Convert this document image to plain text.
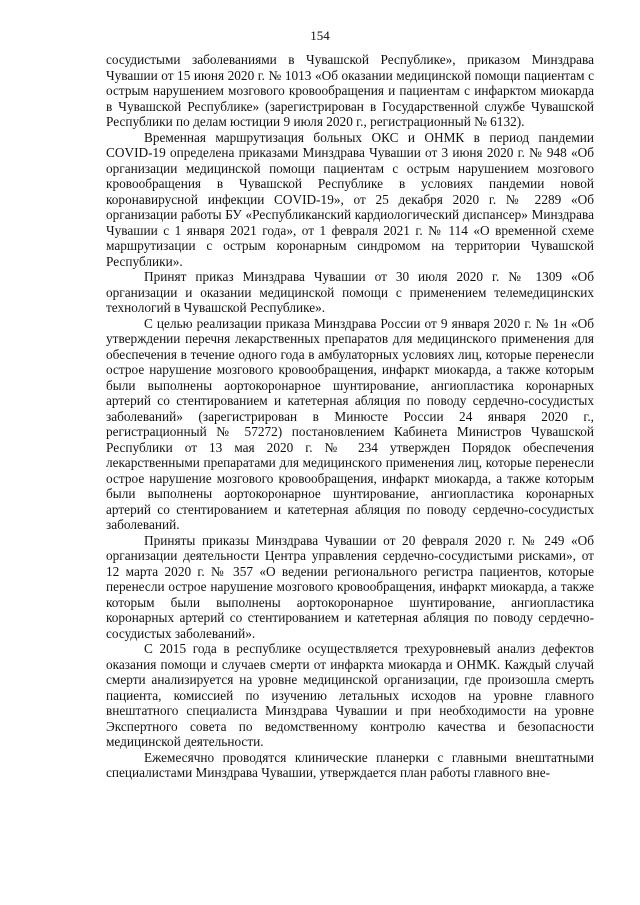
154

сосудистыми заболеваниями в Чувашской Республике», приказом Минздрава Чувашии от 15 июня 2020 г. № 1013 «Об оказании медицинской помощи пациентам с острым нарушением мозгового кровообращения и пациентам с инфарктом миокарда в Чувашской Республике» (зарегистрирован в Государственной службе Чувашской Республики по делам юстиции 9 июля 2020 г., регистрационный № 6132).

Временная маршрутизация больных ОКС и ОНМК в период пандемии COVID-19 определена приказами Минздрава Чувашии от 3 июня 2020 г. № 948 «Об организации медицинской помощи пациентам с острым нарушением мозгового кровообращения в Чувашской Республике в условиях пандемии новой коронавирусной инфекции COVID-19», от 25 декабря 2020 г. № 2289 «Об организации работы БУ «Республиканский кардиологический диспансер» Минздрава Чувашии с 1 января 2021 года», от 1 февраля 2021 г. № 114 «О временной схеме маршрутизации с острым коронарным синдромом на территории Чувашской Республики».

Принят приказ Минздрава Чувашии от 30 июля 2020 г. № 1309 «Об организации и оказании медицинской помощи с применением телемедицинских технологий в Чувашской Республике».

С целью реализации приказа Минздрава России от 9 января 2020 г. № 1н «Об утверждении перечня лекарственных препаратов для медицинского применения для обеспечения в течение одного года в амбулаторных условиях лиц, которые перенесли острое нарушение мозгового кровообращения, инфаркт миокарда, а также которым были выполнены аортокоронарное шунтирование, ангиопластика коронарных артерий со стентированием и катетерная абляция по поводу сердечно-сосудистых заболеваний» (зарегистрирован в Минюсте России 24 января 2020 г., регистрационный № 57272) постановлением Кабинета Министров Чувашской Республики от 13 мая 2020 г. № 234 утвержден Порядок обеспечения лекарственными препаратами для медицинского применения лиц, которые перенесли острое нарушение мозгового кровообращения, инфаркт миокарда, а также которым были выполнены аортокоронарное шунтирование, ангиопластика коронарных артерий со стентированием и катетерная абляция по поводу сердечно-сосудистых заболеваний.

Приняты приказы Минздрава Чувашии от 20 февраля 2020 г. № 249 «Об организации деятельности Центра управления сердечно-сосудистыми рисками», от 12 марта 2020 г. № 357 «О ведении регионального регистра пациентов, которые перенесли острое нарушение мозгового кровообращения, инфаркт миокарда, а также которым были выполнены аортокоронарное шунтирование, ангиопластика коронарных артерий со стентированием и катетерная абляция по поводу сердечно-сосудистых заболеваний».

С 2015 года в республике осуществляется трехуровневый анализ дефектов оказания помощи и случаев смерти от инфаркта миокарда и ОНМК. Каждый случай смерти анализируется на уровне медицинской организации, где произошла смерть пациента, комиссией по изучению летальных исходов на уровне главного внештатного специалиста Минздрава Чувашии и при необходимости на уровне Экспертного совета по ведомственному контролю качества и безопасности медицинской деятельности.

Ежемесячно проводятся клинические планерки с главными внештатными специалистами Минздрава Чувашии, утверждается план работы главного вне-
